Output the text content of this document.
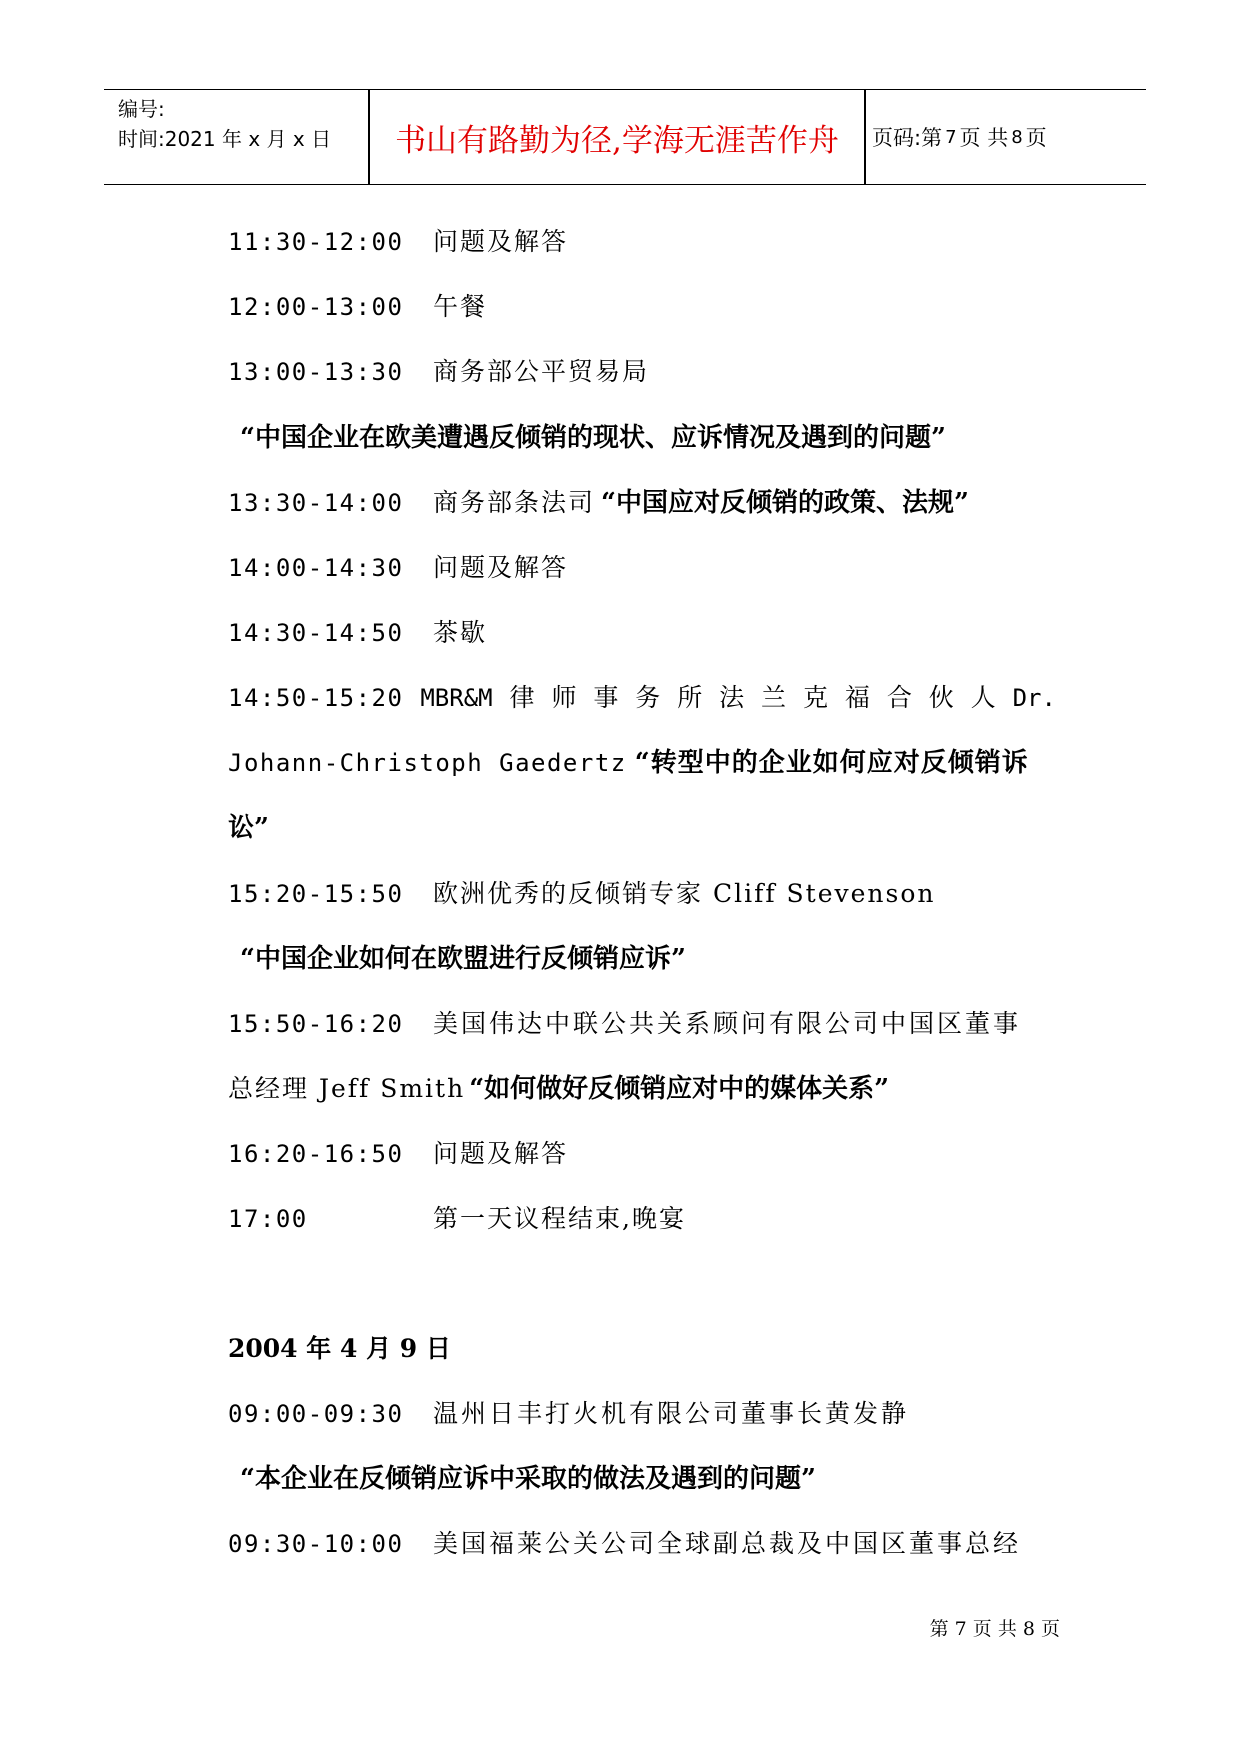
编号:
时间:2021 年 x 月 x 日	书山有路勤为径,学海无涯苦作舟	页码:第 7 页 共 8 页
11:30-12:00 问题及解答
12:00-13:00 午餐
13:00-13:30 商务部公平贸易局
“中国企业在欧美遭遇反倾销的现状、应诉情况及遇到的问题”
13:30-14:00 商务部条法司 “中国应对反倾销的政策、法规”
14:00-14:30 问题及解答
14:30-14:50 茶歇
14:50-15:20 MBR&M 律 师 事 务 所 法 兰 克 福 合 伙 人 Dr.
Johann-Christoph Gaedertz “转型中的企业如何应对反倾销诉
讼”
15:20-15:50 欧洲优秀的反倾销专家 Cliff Stevenson
“中国企业如何在欧盟进行反倾销应诉”
15:50-16:20 美国伟达中联公共关系顾问有限公司中国区董事
总经理 Jeff Smith “如何做好反倾销应对中的媒体关系”
16:20-16:50 问题及解答
17:00	第一天议程结束,晚宴
2004 年 4 月 9 日
09:00-09:30 温州日丰打火机有限公司董事长黄发静
“本企业在反倾销应诉中采取的做法及遇到的问题”
09:30-10:00 美国福莱公关公司全球副总裁及中国区董事总经
第 7 页 共 8 页
